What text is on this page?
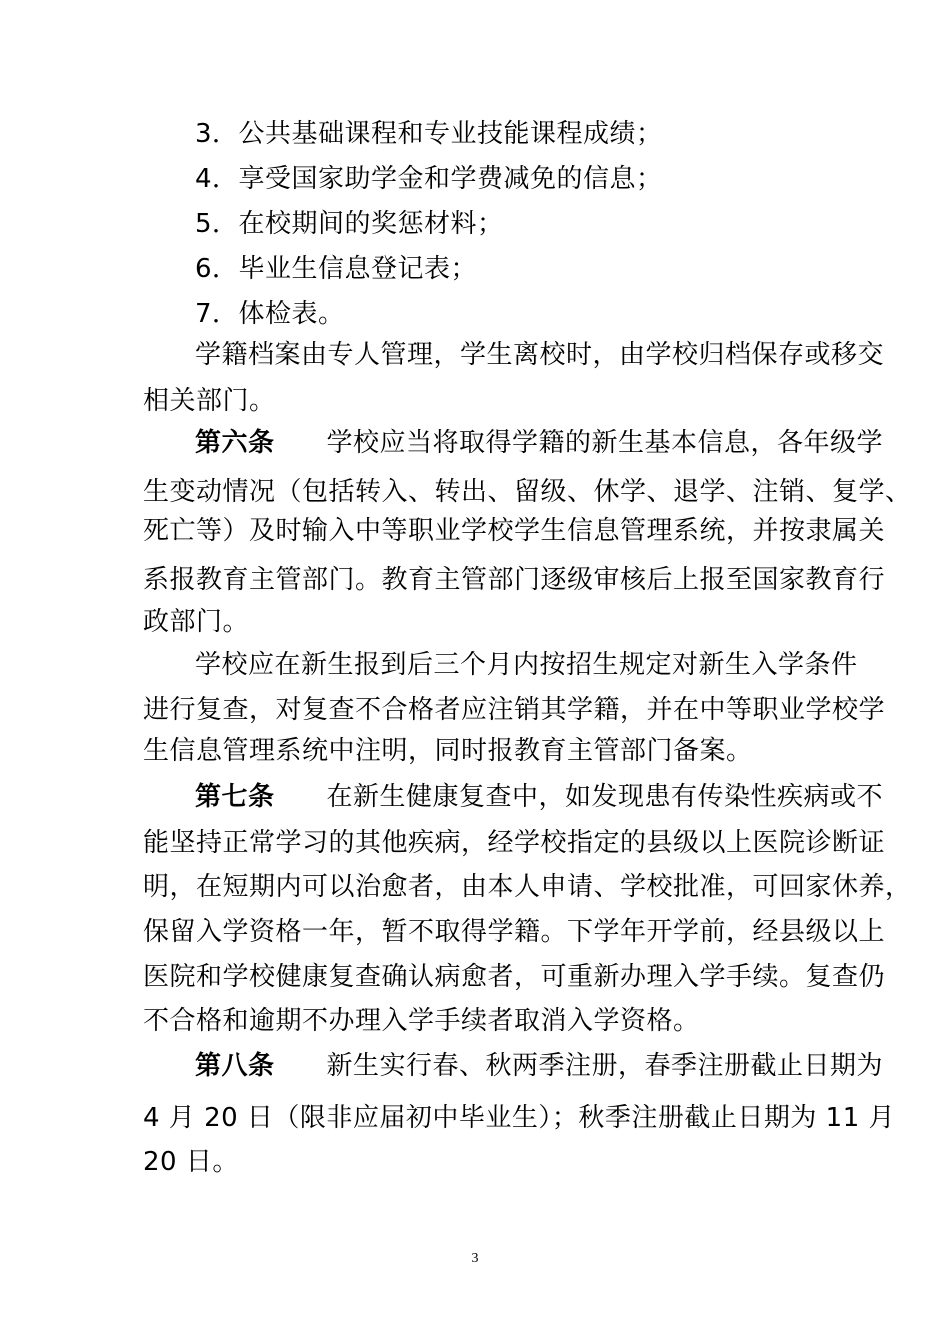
3．公共基础课程和专业技能课程成绩；
4．享受国家助学金和学费减免的信息；
5．在校期间的奖惩材料；
6．毕业生信息登记表；
7．体检表。
学籍档案由专人管理，学生离校时，由学校归档保存或移交
相关部门。
第六条 学校应当将取得学籍的新生基本信息，各年级学
生变动情况（包括转入、转出、留级、休学、退学、注销、复学、
死亡等）及时输入中等职业学校学生信息管理系统，并按隶属关
系报教育主管部门。教育主管部门逐级审核后上报至国家教育行
政部门。
学校应在新生报到后三个月内按招生规定对新生入学条件
进行复查，对复查不合格者应注销其学籍，并在中等职业学校学
生信息管理系统中注明，同时报教育主管部门备案。
第七条 在新生健康复查中，如发现患有传染性疾病或不
能坚持正常学习的其他疾病，经学校指定的县级以上医院诊断证
明，在短期内可以治愈者，由本人申请、学校批准，可回家休养，
保留入学资格一年，暂不取得学籍。下学年开学前，经县级以上
医院和学校健康复查确认病愈者，可重新办理入学手续。复查仍
不合格和逾期不办理入学手续者取消入学资格。
第八条 新生实行春、秋两季注册，春季注册截止日期为
4 月 20 日（限非应届初中毕业生）；秋季注册截止日期为 11 月
20 日。
3
